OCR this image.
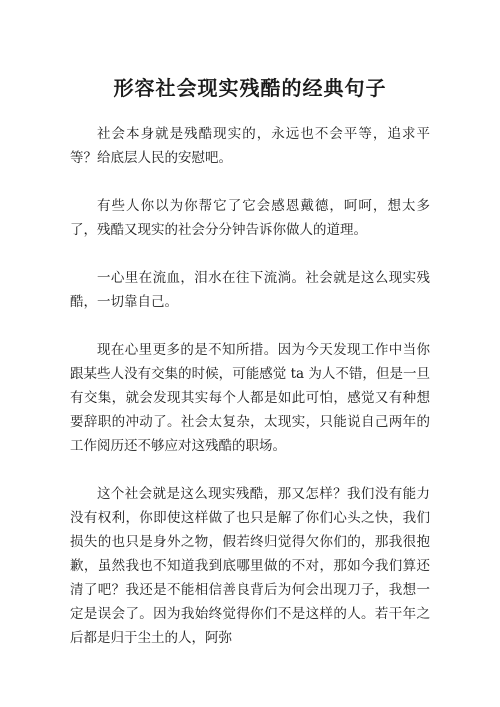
形容社会现实残酷的经典句子

社会本身就是残酷现实的，永远也不会平等，追求平等？给底层人民的安慰吧。

有些人你以为你帮它了它会感恩戴德，呵呵，想太多了，残酷又现实的社会分分钟告诉你做人的道理。

一心里在流血，泪水在往下流淌。社会就是这么现实残酷，一切靠自己。

现在心里更多的是不知所措。因为今天发现工作中当你跟某些人没有交集的时候，可能感觉 ta 为人不错，但是一旦有交集，就会发现其实每个人都是如此可怕，感觉又有种想要辞职的冲动了。社会太复杂，太现实，只能说自己两年的工作阅历还不够应对这残酷的职场。

这个社会就是这么现实残酷，那又怎样？我们没有能力没有权利，你即使这样做了也只是解了你们心头之快，我们损失的也只是身外之物，假若终归觉得欠你们的，那我很抱歉，虽然我也不知道我到底哪里做的不对，那如今我们算还清了吧？我还是不能相信善良背后为何会出现刀子，我想一定是误会了。因为我始终觉得你们不是这样的人。若干年之后都是归于尘土的人，阿弥
